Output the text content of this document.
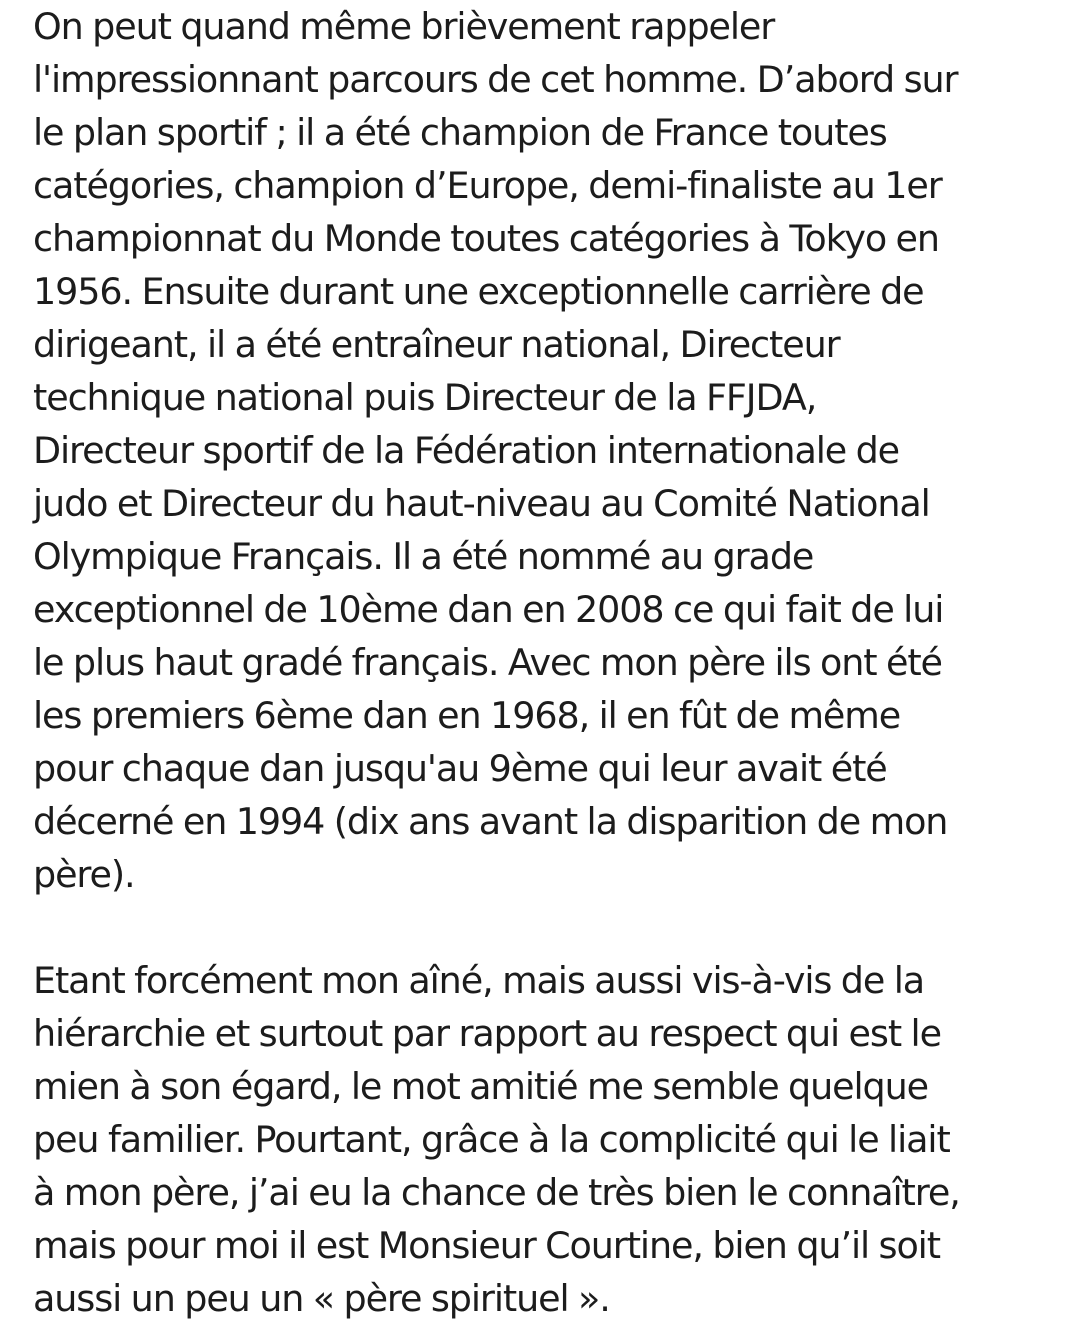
On peut quand même brièvement rappeler
l'impressionnant parcours de cet homme. D’abord sur
le plan sportif ; il a été champion de France toutes
catégories, champion d’Europe, demi-finaliste au 1er
championnat du Monde toutes catégories à Tokyo en
1956. Ensuite durant une exceptionnelle carrière de
dirigeant, il a été entraîneur national, Directeur
technique national puis Directeur de la FFJDA,
Directeur sportif de la Fédération internationale de
judo et Directeur du haut-niveau au Comité National
Olympique Français. Il a été nommé au grade
exceptionnel de 10ème dan en 2008 ce qui fait de lui
le plus haut gradé français. Avec mon père ils ont été
les premiers 6ème dan en 1968, il en fût de même
pour chaque dan jusqu'au 9ème qui leur avait été
décerné en 1994 (dix ans avant la disparition de mon
père).
Etant forcément mon aîné, mais aussi vis-à-vis de la
hiérarchie et surtout par rapport au respect qui est le
mien à son égard, le mot amitié me semble quelque
peu familier. Pourtant, grâce à la complicité qui le liait
à mon père, j’ai eu la chance de très bien le connaître,
mais pour moi il est Monsieur Courtine, bien qu’il soit
aussi un peu un « père spirituel ».
